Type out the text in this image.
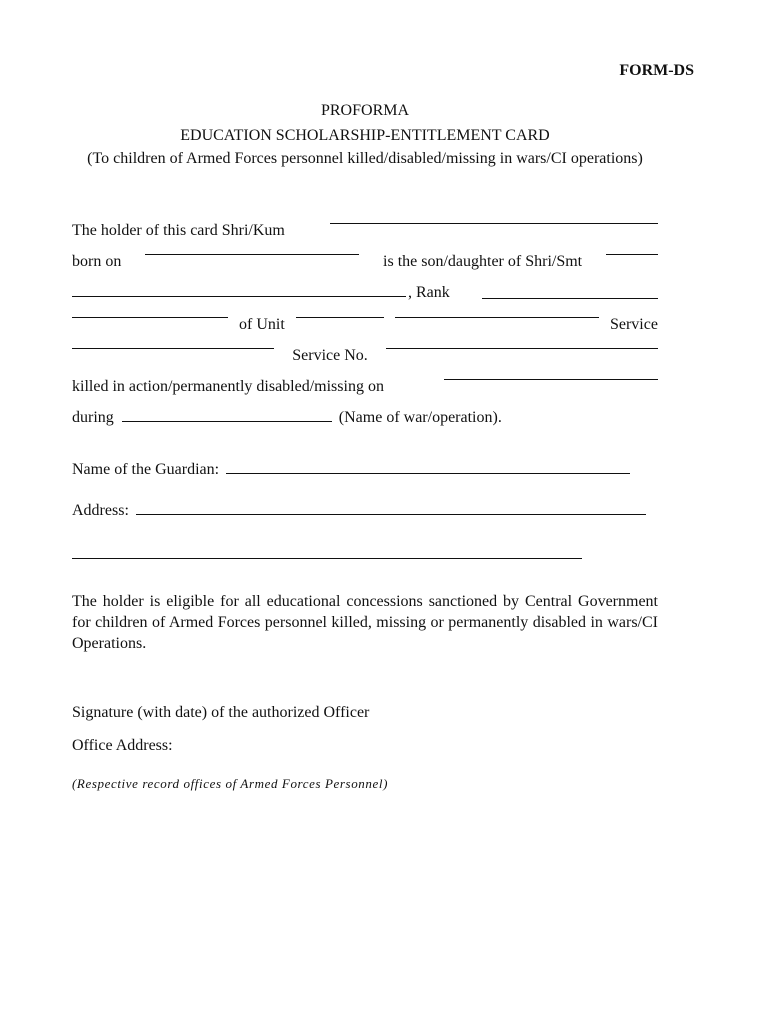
FORM-DS
PROFORMA
EDUCATION SCHOLARSHIP-ENTITLEMENT CARD
(To children of Armed Forces personnel killed/disabled/missing in wars/CI operations)
The holder of this card Shri/Kum
born on	is the son/daughter of Shri/Smt
, Rank
of Unit	Service
Service No.
killed in action/permanently disabled/missing on
during	(Name of war/operation).
Name of the Guardian:
Address:
The holder is eligible for all educational concessions sanctioned by Central Government for children of Armed Forces personnel killed, missing or permanently disabled in wars/CI Operations.
Signature (with date) of the authorized Officer
Office Address:
(Respective record offices of Armed Forces Personnel)
